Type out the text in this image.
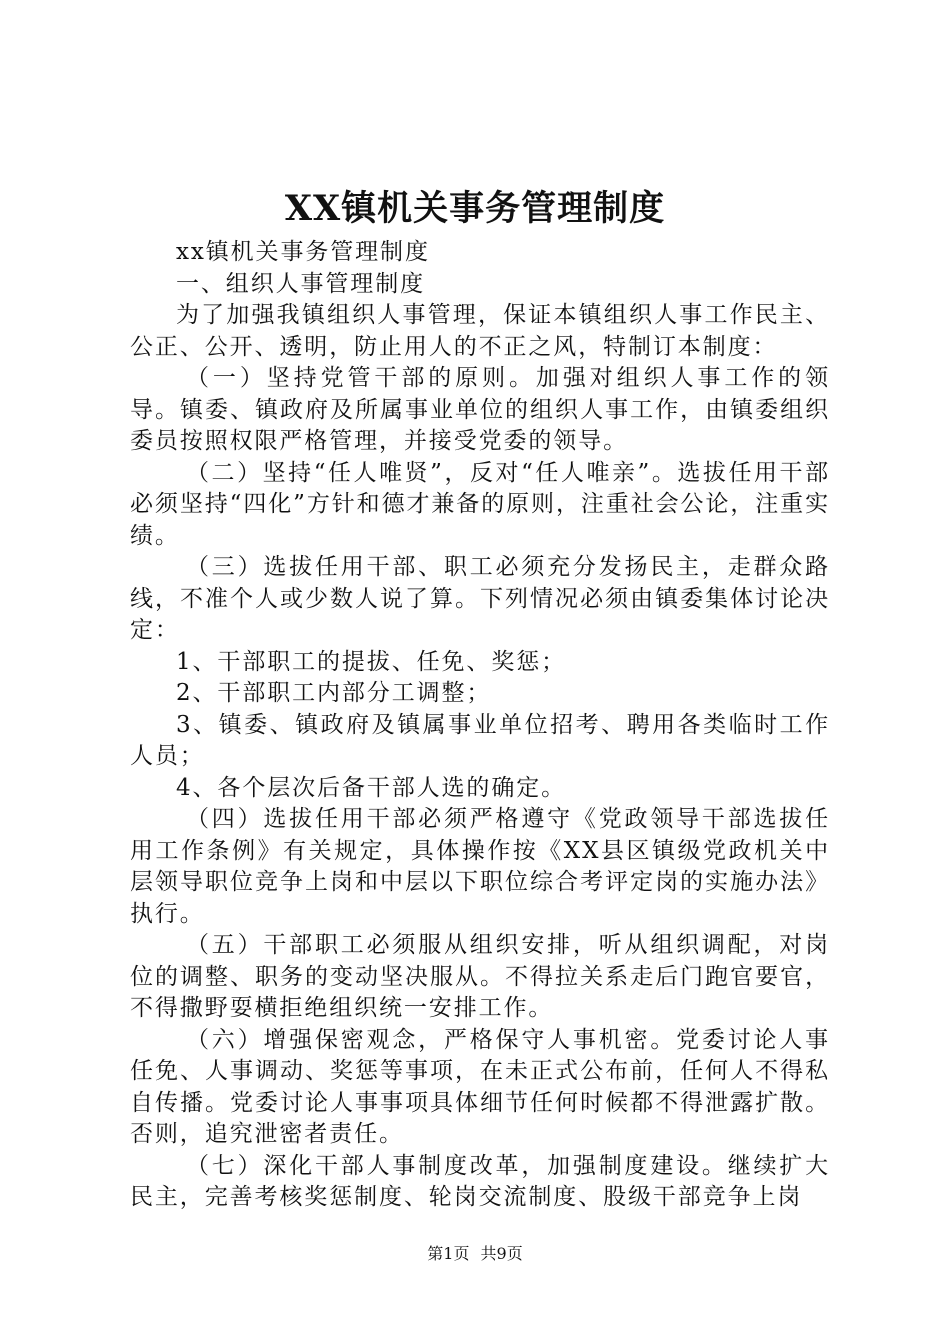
XX镇机关事务管理制度

xx镇机关事务管理制度

一、组织人事管理制度

为了加强我镇组织人事管理，保证本镇组织人事工作民主、公正、公开、透明，防止用人的不正之风，特制订本制度：

（一）坚持党管干部的原则。加强对组织人事工作的领导。镇委、镇政府及所属事业单位的组织人事工作，由镇委组织委员按照权限严格管理，并接受党委的领导。

（二）坚持“任人唯贤”，反对“任人唯亲”。选拔任用干部必须坚持“四化”方针和德才兼备的原则，注重社会公论，注重实绩。

（三）选拔任用干部、职工必须充分发扬民主，走群众路线，不准个人或少数人说了算。下列情况必须由镇委集体讨论决定：

1、干部职工的提拔、任免、奖惩；

2、干部职工内部分工调整；

3、镇委、镇政府及镇属事业单位招考、聘用各类临时工作人员；

4、各个层次后备干部人选的确定。

（四）选拔任用干部必须严格遵守《党政领导干部选拔任用工作条例》有关规定，具体操作按《XX县区镇级党政机关中层领导职位竞争上岗和中层以下职位综合考评定岗的实施办法》执行。

（五）干部职工必须服从组织安排，听从组织调配，对岗位的调整、职务的变动坚决服从。不得拉关系走后门跑官要官，不得撒野耍横拒绝组织统一安排工作。

（六）增强保密观念，严格保守人事机密。党委讨论人事任免、人事调动、奖惩等事项，在未正式公布前，任何人不得私自传播。党委讨论人事事项具体细节任何时候都不得泄露扩散。否则，追究泄密者责任。

（七）深化干部人事制度改革，加强制度建设。继续扩大民主，完善考核奖惩制度、轮岗交流制度、股级干部竞争上岗

第1页 共9页
